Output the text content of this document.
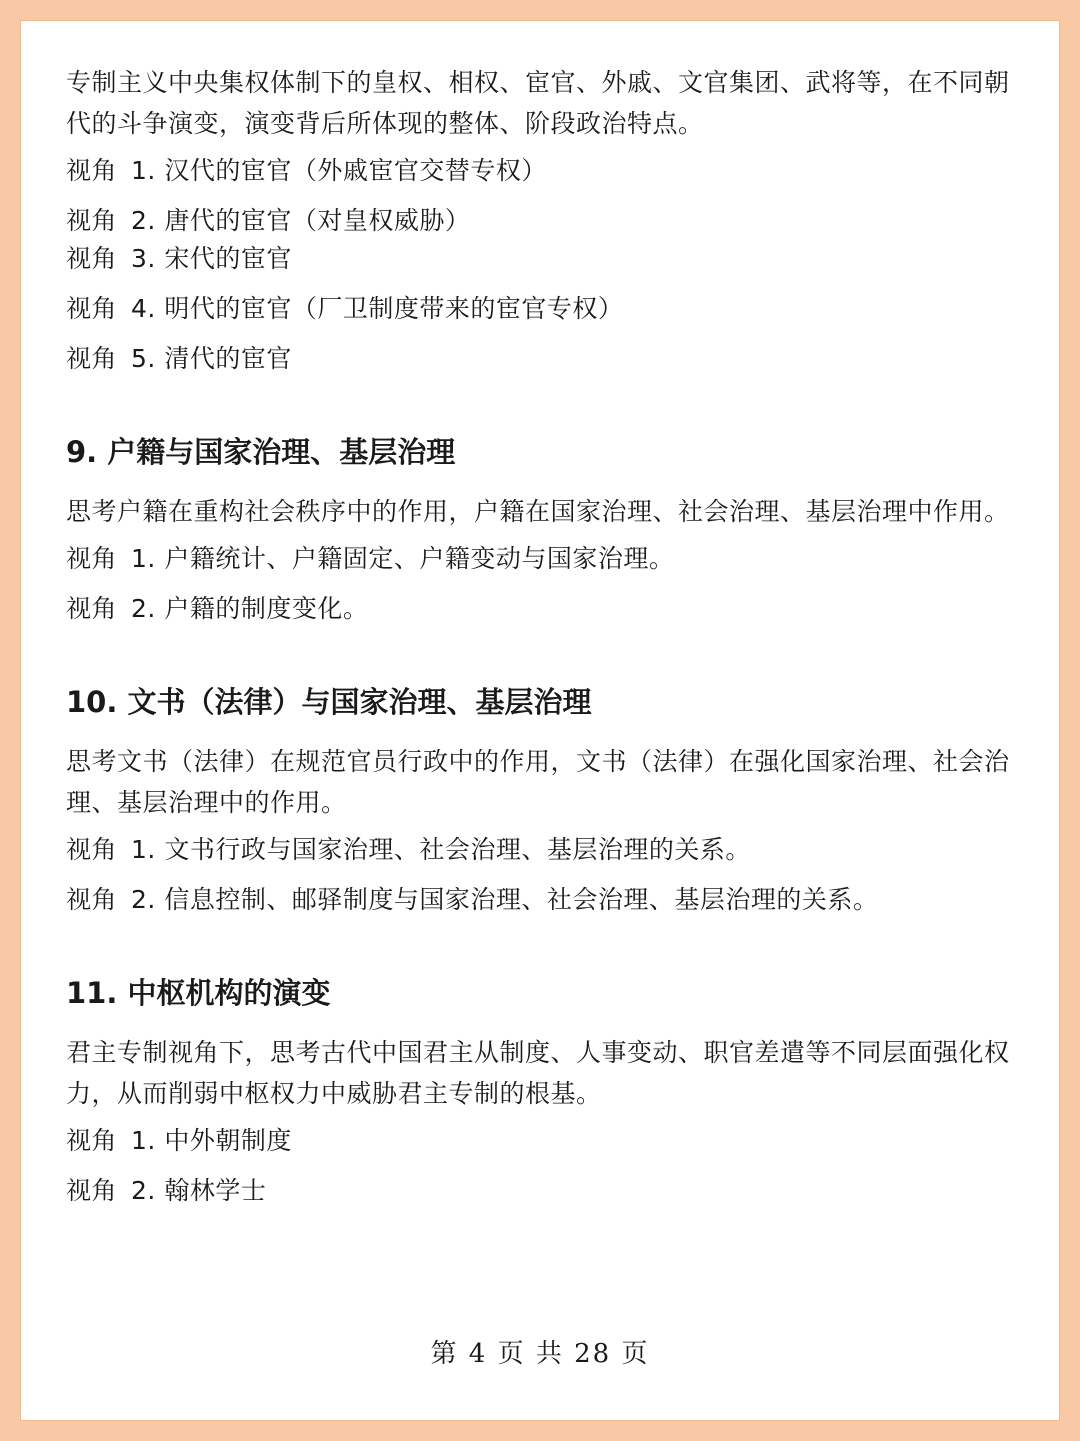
专制主义中央集权体制下的皇权、相权、宦官、外戚、文官集团、武将等，在不同朝代的斗争演变，演变背后所体现的整体、阶段政治特点。

视角 1. 汉代的宦官（外戚宦官交替专权）
视角 2. 唐代的宦官（对皇权威胁）
视角 3. 宋代的宦官
视角 4. 明代的宦官（厂卫制度带来的宦官专权）
视角 5. 清代的宦官
9. 户籍与国家治理、基层治理

思考户籍在重构社会秩序中的作用，户籍在国家治理、社会治理、基层治理中作用。

视角 1. 户籍统计、户籍固定、户籍变动与国家治理。
视角 2. 户籍的制度变化。
10. 文书（法律）与国家治理、基层治理

思考文书（法律）在规范官员行政中的作用，文书（法律）在强化国家治理、社会治理、基层治理中的作用。

视角 1. 文书行政与国家治理、社会治理、基层治理的关系。
视角 2. 信息控制、邮驿制度与国家治理、社会治理、基层治理的关系。
11. 中枢机构的演变

君主专制视角下，思考古代中国君主从制度、人事变动、职官差遣等不同层面强化权力，从而削弱中枢权力中威胁君主专制的根基。

视角 1. 中外朝制度
视角 2. 翰林学士
第 4 页 共 28 页
